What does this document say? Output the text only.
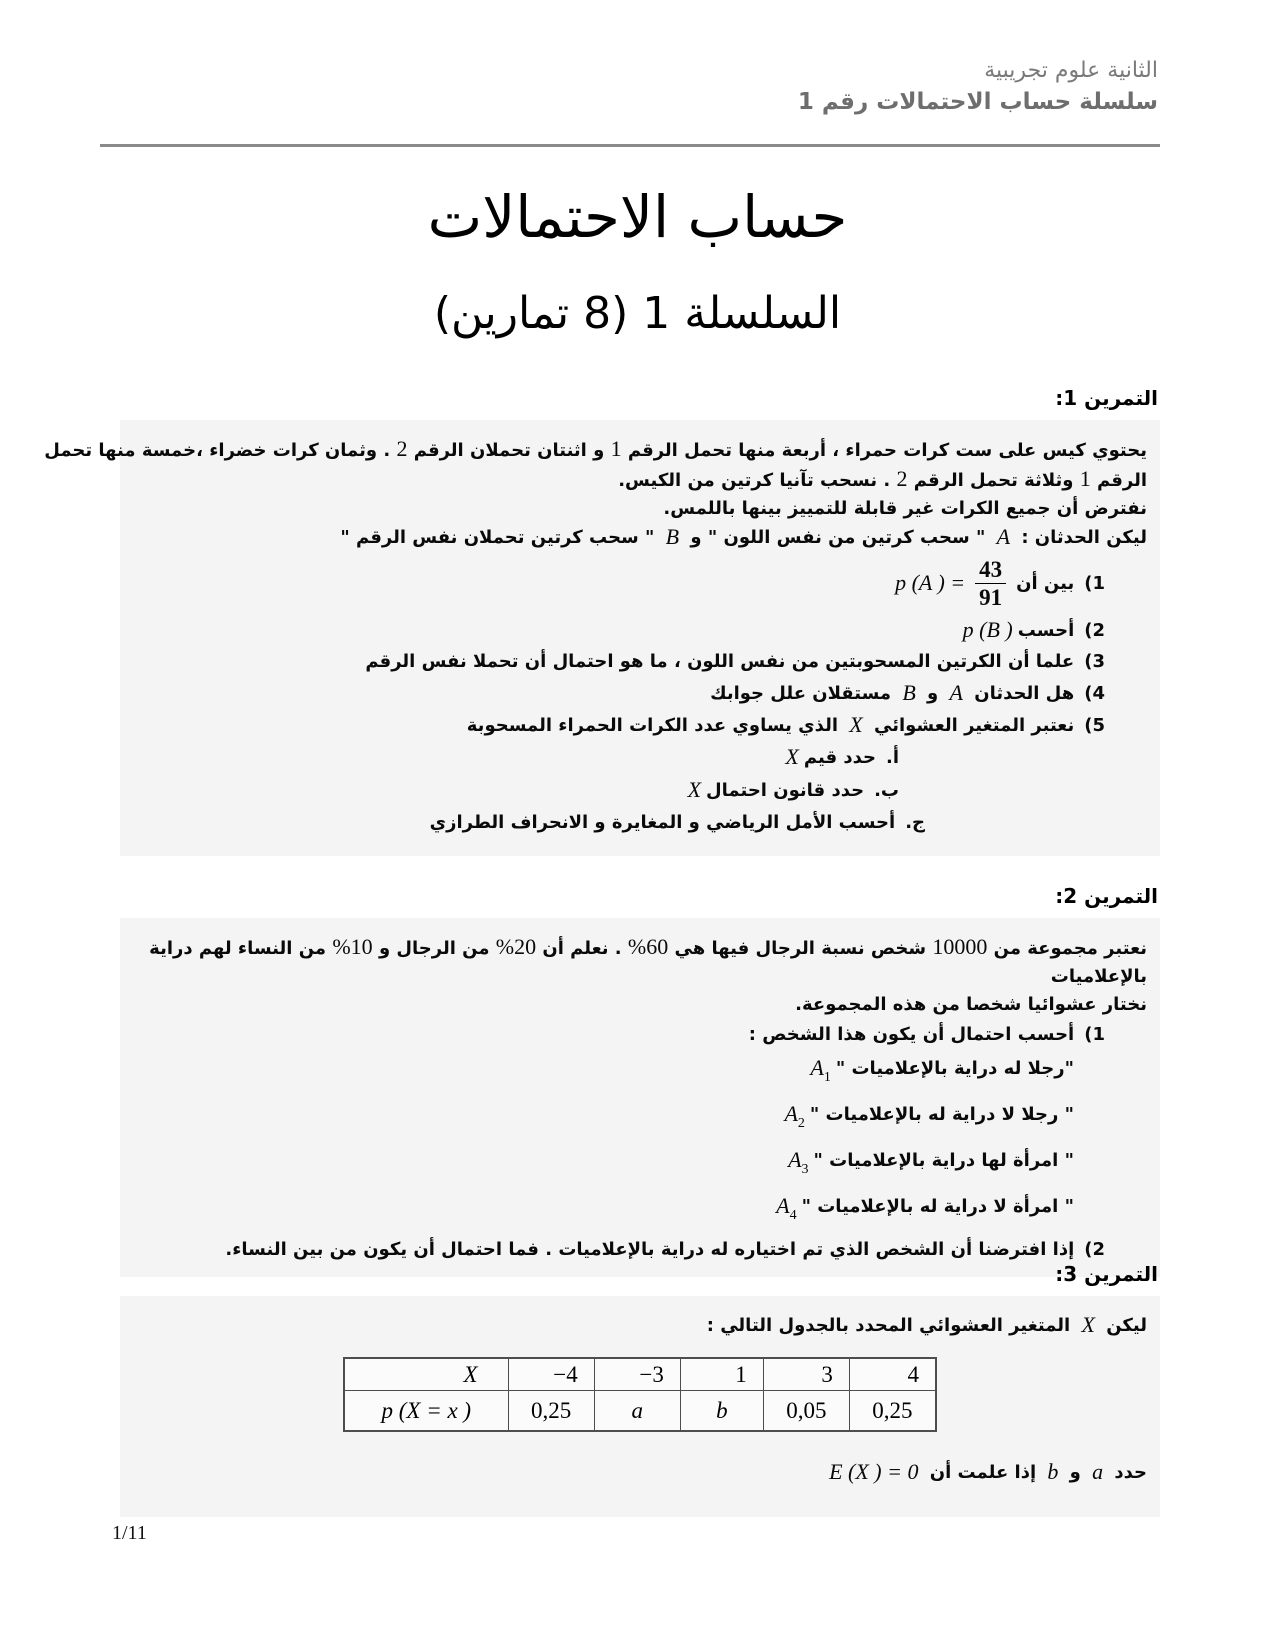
الثانية علوم تجريبية
سلسلة حساب الاحتمالات رقم 1
حساب الاحتمالات
السلسلة 1 (8 تمارين)
التمرين 1:
يحتوي كيس على ست كرات حمراء ، أربعة منها تحمل الرقم 1 و اثنتان تحملان الرقم 2 . وثمان كرات خضراء ،خمسة منها تحمل
الرقم 1 وثلاثة تحمل الرقم 2 . نسحب تآنيا كرتين من الكيس.
نفترض أن جميع الكرات غير قابلة للتمييز بينها باللمس.
ليكن الحدثان : A " سحب كرتين من نفس اللون " و B " سحب كرتين تحملان نفس الرقم "
1)
بين أن
p (A ) = $\frac{43}{91}$
2)أحسبp (B )
3)علما أن الكرتين المسحوبتين من نفس اللون ، ما هو احتمال أن تحملا نفس الرقم
4)هل الحدثان A و B مستقلان علل جوابك
5)نعتبر المتغير العشوائي X الذي يساوي عدد الكرات الحمراء المسحوبة
أ.حدد قيمX
ب.حدد قانون احتمالX
ج.أحسب الأمل الرياضي و المغايرة و الانحراف الطرازي
التمرين 2:
نعتبر مجموعة من 10000 شخص نسبة الرجال فيها هي 60% . نعلم أن 20% من الرجال و 10% من النساء لهم دراية
بالإعلاميات
نختار عشوائيا شخصا من هذه المجموعة.
1)أحسب احتمال أن يكون هذا الشخص :
"رجلا له دراية بالإعلاميات "$A_1$
" رجلا لا دراية له بالإعلاميات "$A_2$
" امرأة لها دراية بالإعلاميات "$A_3$
" امرأة لا دراية له بالإعلاميات "$A_4$
2)إذا افترضنا أن الشخص الذي تم اختياره له دراية بالإعلاميات . فما احتمال أن يكون من بين النساء.
التمرين 3:
ليكن X المتغير العشوائي المحدد بالجدول التالي :
X	−4	−3	1	3	4
p (X = x )	0,25	a	b	0,05	0,25
حدد a و b إذا علمت أن E (X ) = 0
1/11
